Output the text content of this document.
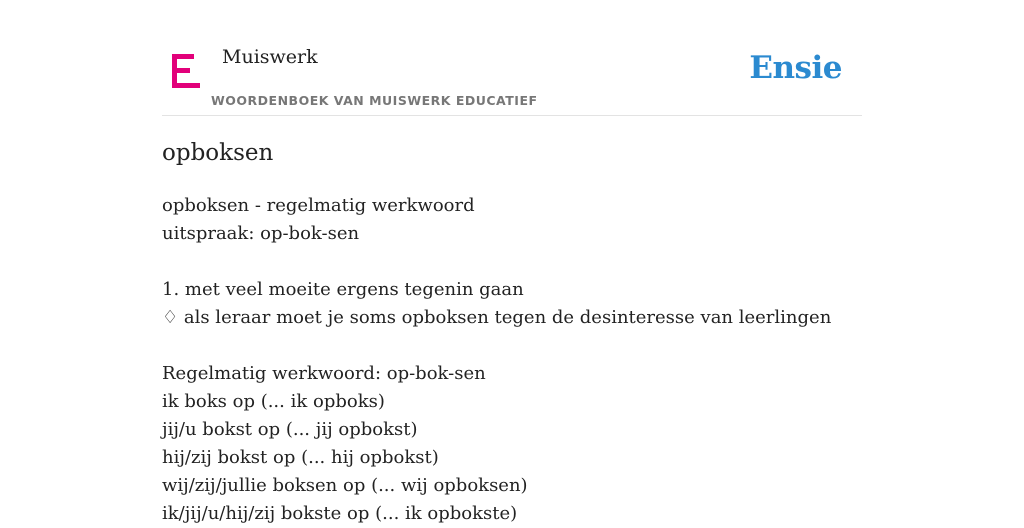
Muiswerk
WOORDENBOEK VAN MUISWERK EDUCATIEF
Ensie
opboksen
opboksen - regelmatig werkwoord
uitspraak: op-bok-sen
1. met veel moeite ergens tegenin gaan
♢ als leraar moet je soms opboksen tegen de desinteresse van leerlingen
Regelmatig werkwoord: op-bok-sen
ik boks op (... ik opboks)
jij/u bokst op (... jij opbokst)
hij/zij bokst op (... hij opbokst)
wij/zij/jullie boksen op (... wij opboksen)
ik/jij/u/hij/zij bokste op (... ik opbokste)
